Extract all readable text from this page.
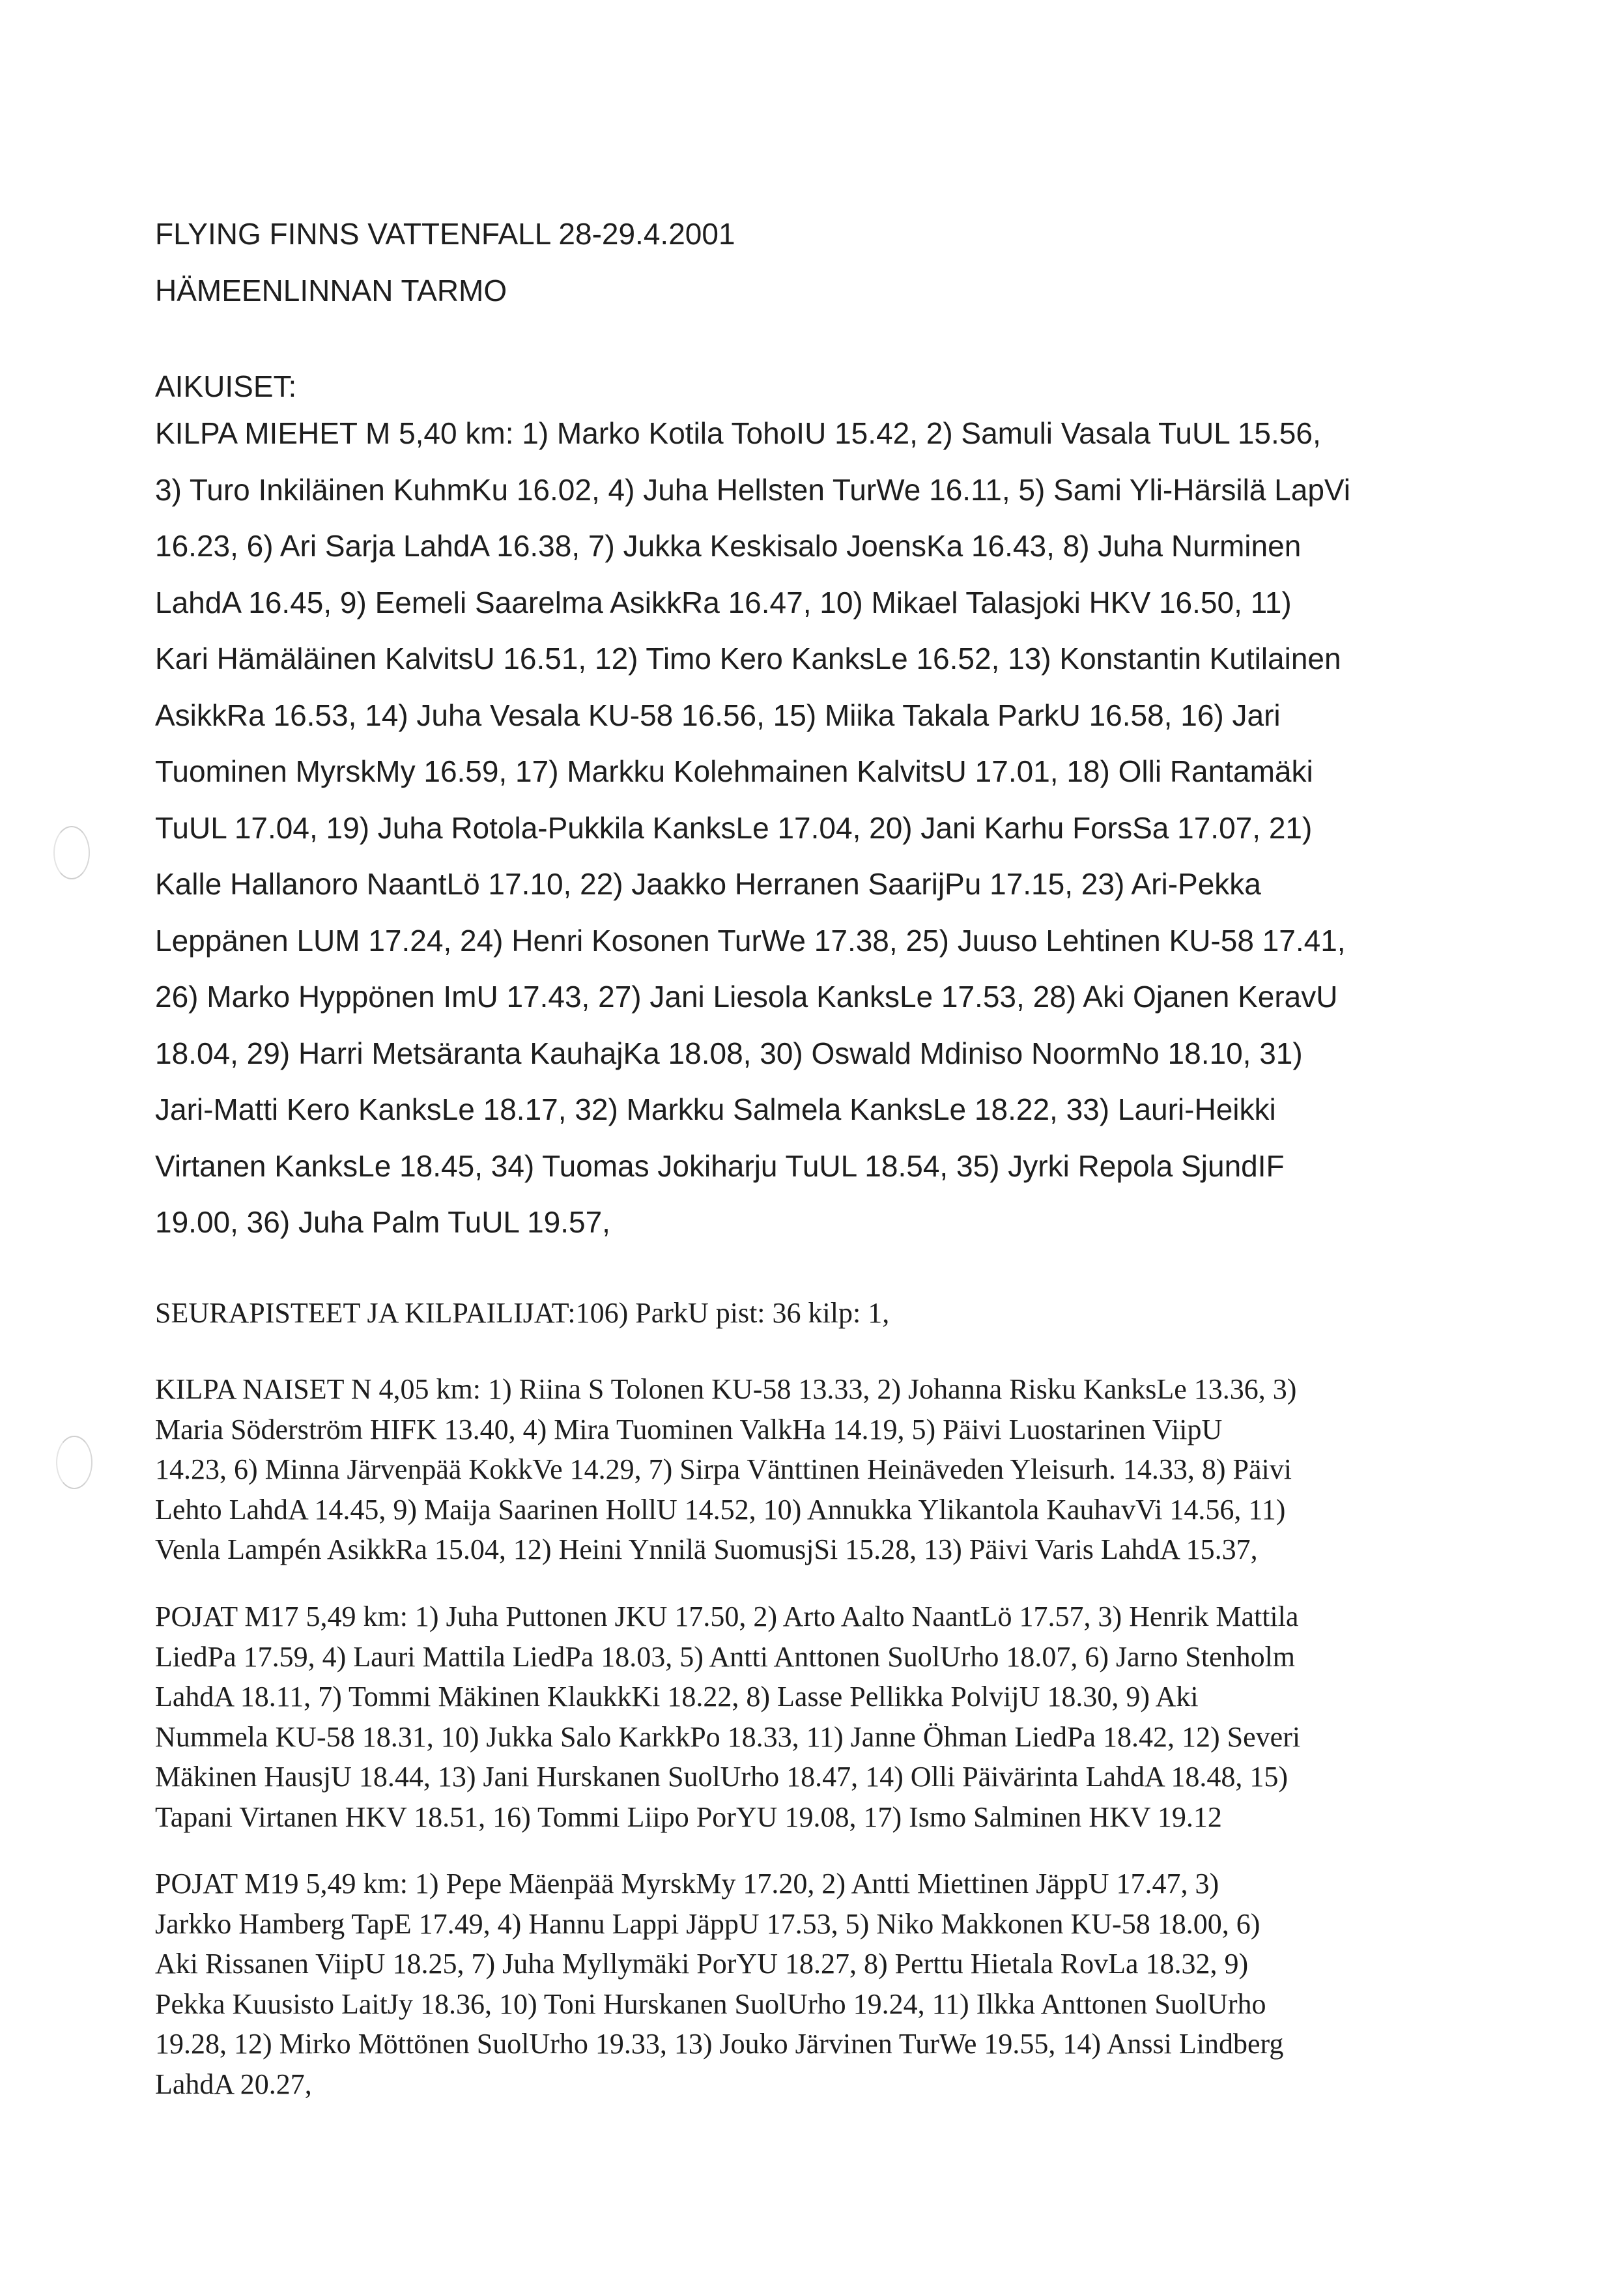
FLYING FINNS VATTENFALL 28-29.4.2001
HÄMEENLINNAN TARMO
AIKUISET:
KILPA MIEHET M 5,40 km: 1) Marko Kotila TohoIU 15.42, 2) Samuli Vasala TuUL 15.56,
3) Turo Inkiläinen KuhmKu 16.02, 4) Juha Hellsten TurWe 16.11, 5) Sami Yli-Härsilä LapVi
16.23, 6) Ari Sarja LahdA 16.38, 7) Jukka Keskisalo JoensKa 16.43, 8) Juha Nurminen
LahdA 16.45, 9) Eemeli Saarelma AsikkRa 16.47, 10) Mikael Talasjoki HKV 16.50, 11)
Kari Hämäläinen KalvitsU 16.51, 12) Timo Kero KanksLe 16.52, 13) Konstantin Kutilainen
AsikkRa 16.53, 14) Juha Vesala KU-58 16.56, 15) Miika Takala ParkU 16.58, 16) Jari
Tuominen MyrskMy 16.59, 17) Markku Kolehmainen KalvitsU 17.01, 18) Olli Rantamäki
TuUL 17.04, 19) Juha Rotola-Pukkila KanksLe 17.04, 20) Jani Karhu ForsSa 17.07, 21)
Kalle Hallanoro NaantLö 17.10, 22) Jaakko Herranen SaarijPu 17.15, 23) Ari-Pekka
Leppänen LUM 17.24, 24) Henri Kosonen TurWe 17.38, 25) Juuso Lehtinen KU-58 17.41,
26) Marko Hyppönen ImU 17.43, 27) Jani Liesola KanksLe 17.53, 28) Aki Ojanen KeravU
18.04, 29) Harri Metsäranta KauhajKa 18.08, 30) Oswald Mdiniso NoormNo 18.10, 31)
Jari-Matti Kero KanksLe 18.17, 32) Markku Salmela KanksLe 18.22, 33) Lauri-Heikki
Virtanen KanksLe 18.45, 34) Tuomas Jokiharju TuUL 18.54, 35) Jyrki Repola SjundIF
19.00, 36) Juha Palm TuUL 19.57,
SEURAPISTEET JA KILPAILIJAT:106) ParkU pist: 36 kilp: 1,
KILPA NAISET N 4,05 km: 1) Riina S Tolonen KU-58 13.33, 2) Johanna Risku KanksLe 13.36, 3)
Maria Söderström HIFK 13.40, 4) Mira Tuominen ValkHa 14.19, 5) Päivi Luostarinen ViipU
14.23, 6) Minna Järvenpää KokkVe 14.29, 7) Sirpa Vänttinen Heinäveden Yleisurh. 14.33, 8) Päivi
Lehto LahdA 14.45, 9) Maija Saarinen HollU 14.52, 10) Annukka Ylikantola KauhavVi 14.56, 11)
Venla Lampén AsikkRa 15.04, 12) Heini Ynnilä SuomusjSi 15.28, 13) Päivi Varis LahdA 15.37,
POJAT M17 5,49 km: 1) Juha Puttonen JKU 17.50, 2) Arto Aalto NaantLö 17.57, 3) Henrik Mattila
LiedPa 17.59, 4) Lauri Mattila LiedPa 18.03, 5) Antti Anttonen SuolUrho 18.07, 6) Jarno Stenholm
LahdA 18.11, 7) Tommi Mäkinen KlaukkKi 18.22, 8) Lasse Pellikka PolvijU 18.30, 9) Aki
Nummela KU-58 18.31, 10) Jukka Salo KarkkPo 18.33, 11) Janne Öhman LiedPa 18.42, 12) Severi
Mäkinen HausjU 18.44, 13) Jani Hurskanen SuolUrho 18.47, 14) Olli Päivärinta LahdA 18.48, 15)
Tapani Virtanen HKV 18.51, 16) Tommi Liipo PorYU 19.08, 17) Ismo Salminen HKV 19.12
POJAT M19 5,49 km: 1) Pepe Mäenpää MyrskMy 17.20, 2) Antti Miettinen JäppU 17.47, 3)
Jarkko Hamberg TapE 17.49, 4) Hannu Lappi JäppU 17.53, 5) Niko Makkonen KU-58 18.00, 6)
Aki Rissanen ViipU 18.25, 7) Juha Myllymäki PorYU 18.27, 8) Perttu Hietala RovLa 18.32, 9)
Pekka Kuusisto LaitJy 18.36, 10) Toni Hurskanen SuolUrho 19.24, 11) Ilkka Anttonen SuolUrho
19.28, 12) Mirko Möttönen SuolUrho 19.33, 13) Jouko Järvinen TurWe 19.55, 14) Anssi Lindberg
LahdA 20.27,
